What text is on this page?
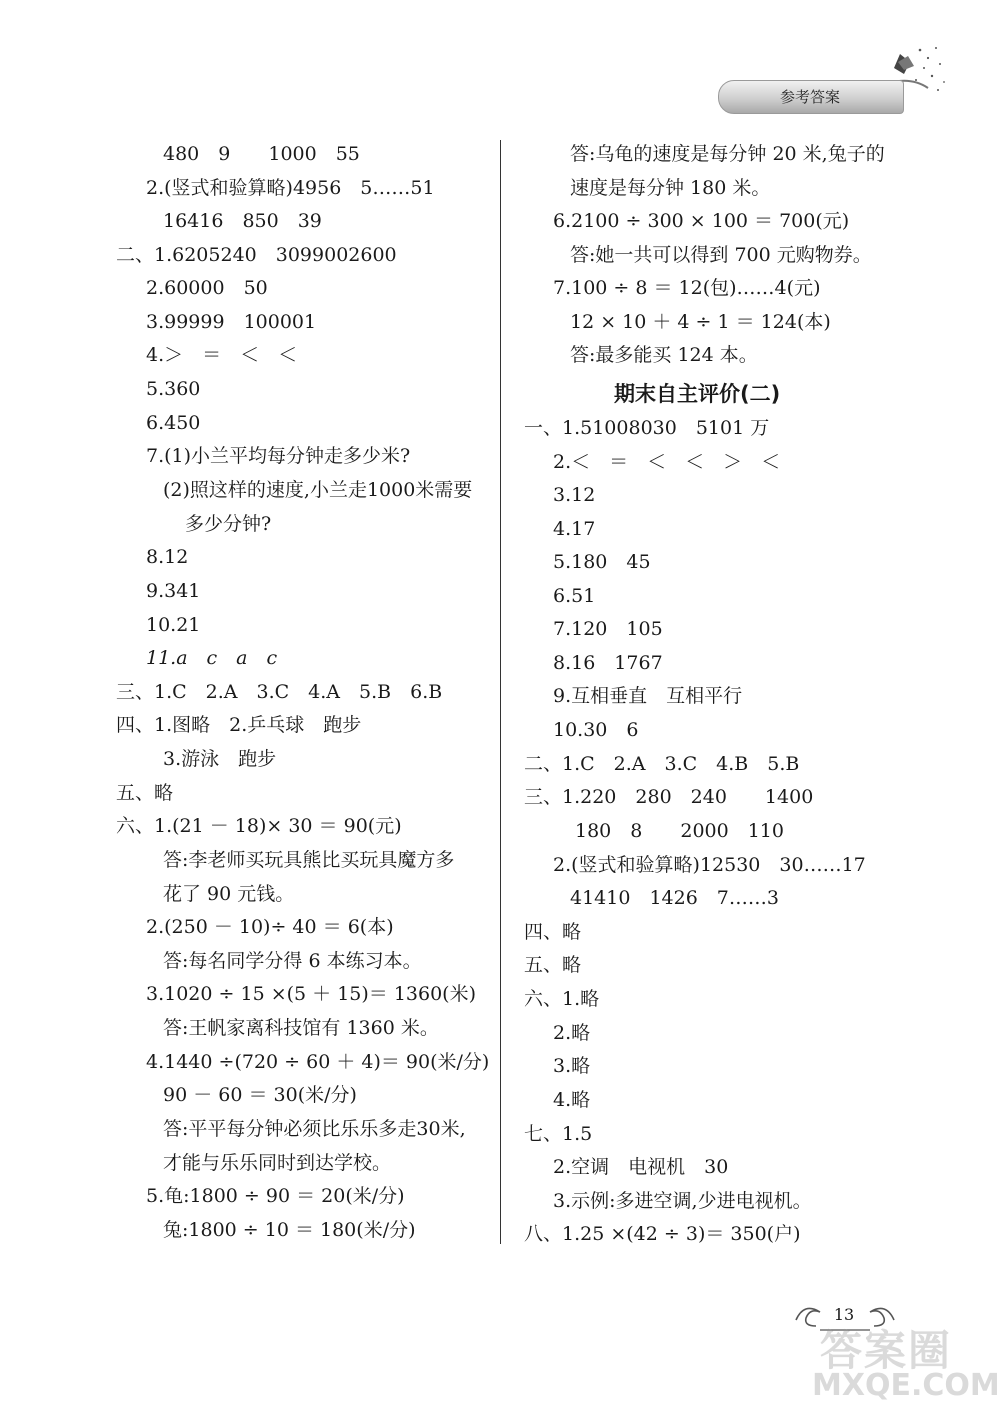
参考答案
480　9　　1000　55
2.(竖式和验算略)4956　5……51
16416　850　39
二、1.6205240　3099002600
2.60000　50
3.99999　100001
4.＞　＝　＜　＜
5.360
6.450
7.(1)小兰平均每分钟走多少米?
(2)照这样的速度,小兰走1000米需要
多少分钟?
8.12
9.341
10.21
11.a　c　a　c
三、1.C　2.A　3.C　4.A　5.B　6.B
四、1.图略　2.乒乓球　跑步
3.游泳　跑步
五、略
六、1.(21 － 18)× 30 ＝ 90(元)
答:李老师买玩具熊比买玩具魔方多
花了 90 元钱。
2.(250 － 10)÷ 40 ＝ 6(本)
答:每名同学分得 6 本练习本。
3.1020 ÷ 15 ×(5 ＋ 15)＝ 1360(米)
答:王帆家离科技馆有 1360 米。
4.1440 ÷(720 ÷ 60 ＋ 4)＝ 90(米/分)
90 － 60 ＝ 30(米/分)
答:平平每分钟必须比乐乐多走30米,
才能与乐乐同时到达学校。
5.龟:1800 ÷ 90 ＝ 20(米/分)
兔:1800 ÷ 10 ＝ 180(米/分)
答:乌龟的速度是每分钟 20 米,兔子的
速度是每分钟 180 米。
6.2100 ÷ 300 × 100 ＝ 700(元)
答:她一共可以得到 700 元购物券。
7.100 ÷ 8 ＝ 12(包)……4(元)
12 × 10 ＋ 4 ÷ 1 ＝ 124(本)
答:最多能买 124 本。
期末自主评价(二)
一、1.51008030　5101 万
2.＜　＝　＜　＜　＞　＜
3.12
4.17
5.180　45
6.51
7.120　105
8.16　1767
9.互相垂直　互相平行
10.30　6
二、1.C　2.A　3.C　4.B　5.B
三、1.220　280　240　　1400
180　8　　2000　110
2.(竖式和验算略)12530　30……17
41410　1426　7……3
四、略
五、略
六、1.略
2.略
3.略
4.略
七、1.5
2.空调　电视机　30
3.示例:多进空调,少进电视机。
八、1.25 ×(42 ÷ 3)＝ 350(户)
13
答案圈
MXQE.COM
